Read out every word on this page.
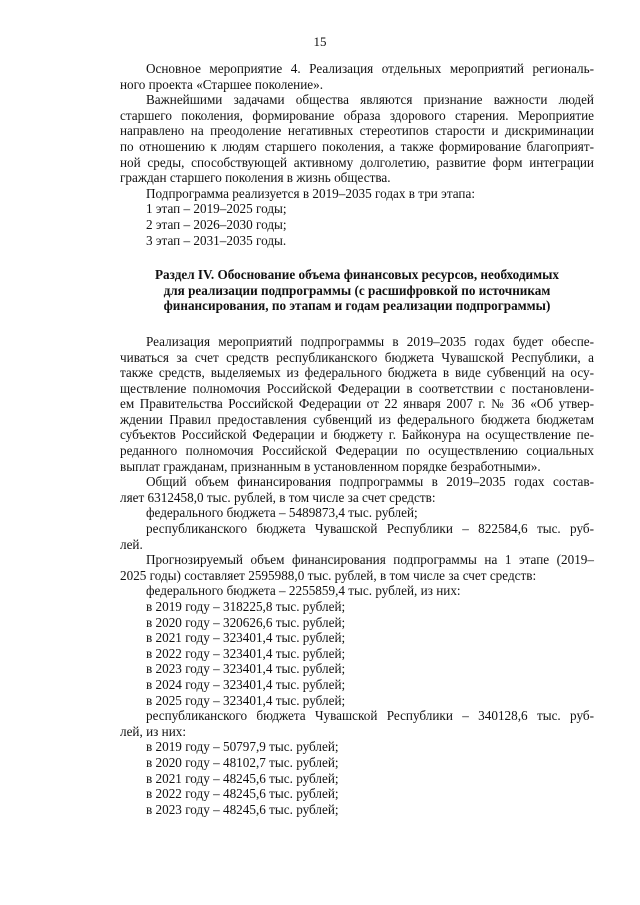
15

Основное мероприятие 4. Реализация отдельных мероприятий региональ-

ного проекта «Старшее поколение».

Важнейшими задачами общества являются признание важности людей

старшего поколения, формирование образа здорового старения. Мероприятие

направлено на преодоление негативных стереотипов старости и дискриминации

по отношению к людям старшего поколения, а также формирование благоприят-

ной среды, способствующей активному долголетию, развитие форм интеграции

граждан старшего поколения в жизнь общества.

Подпрограмма реализуется в 2019–2035 годах в три этапа:

1 этап – 2019–2025 годы;

2 этап – 2026–2030 годы;

3 этап – 2031–2035 годы.

Раздел IV. Обоснование объема финансовых ресурсов, необходимых
для реализации подпрограммы (с расшифровкой по источникам
финансирования, по этапам и годам реализации подпрограммы)

Реализация мероприятий подпрограммы в 2019–2035 годах будет обеспе-

чиваться за счет средств республиканского бюджета Чувашской Республики, а

также средств, выделяемых из федерального бюджета в виде субвенций на осу-

ществление полномочия Российской Федерации в соответствии с постановлени-

ем Правительства Российской Федерации от 22 января 2007 г. № 36 «Об утвер-

ждении Правил предоставления субвенций из федерального бюджета бюджетам

субъектов Российской Федерации и бюджету г. Байконура на осуществление пе-

реданного полномочия Российской Федерации по осуществлению социальных

выплат гражданам, признанным в установленном порядке безработными».

Общий объем финансирования подпрограммы в 2019–2035 годах состав-

ляет 6312458,0 тыс. рублей, в том числе за счет средств:

федерального бюджета – 5489873,4 тыс. рублей;

республиканского бюджета Чувашской Республики – 822584,6 тыс. руб-

лей.

Прогнозируемый объем финансирования подпрограммы на 1 этапе (2019–

2025 годы) составляет 2595988,0 тыс. рублей, в том числе за счет средств:

федерального бюджета – 2255859,4 тыс. рублей, из них:

в 2019 году – 318225,8 тыс. рублей;

в 2020 году – 320626,6 тыс. рублей;

в 2021 году – 323401,4 тыс. рублей;

в 2022 году – 323401,4 тыс. рублей;

в 2023 году – 323401,4 тыс. рублей;

в 2024 году – 323401,4 тыс. рублей;

в 2025 году – 323401,4 тыс. рублей;

республиканского бюджета Чувашской Республики – 340128,6 тыс. руб-

лей, из них:

в 2019 году – 50797,9 тыс. рублей;

в 2020 году – 48102,7 тыс. рублей;

в 2021 году – 48245,6 тыс. рублей;

в 2022 году – 48245,6 тыс. рублей;

в 2023 году – 48245,6 тыс. рублей;
